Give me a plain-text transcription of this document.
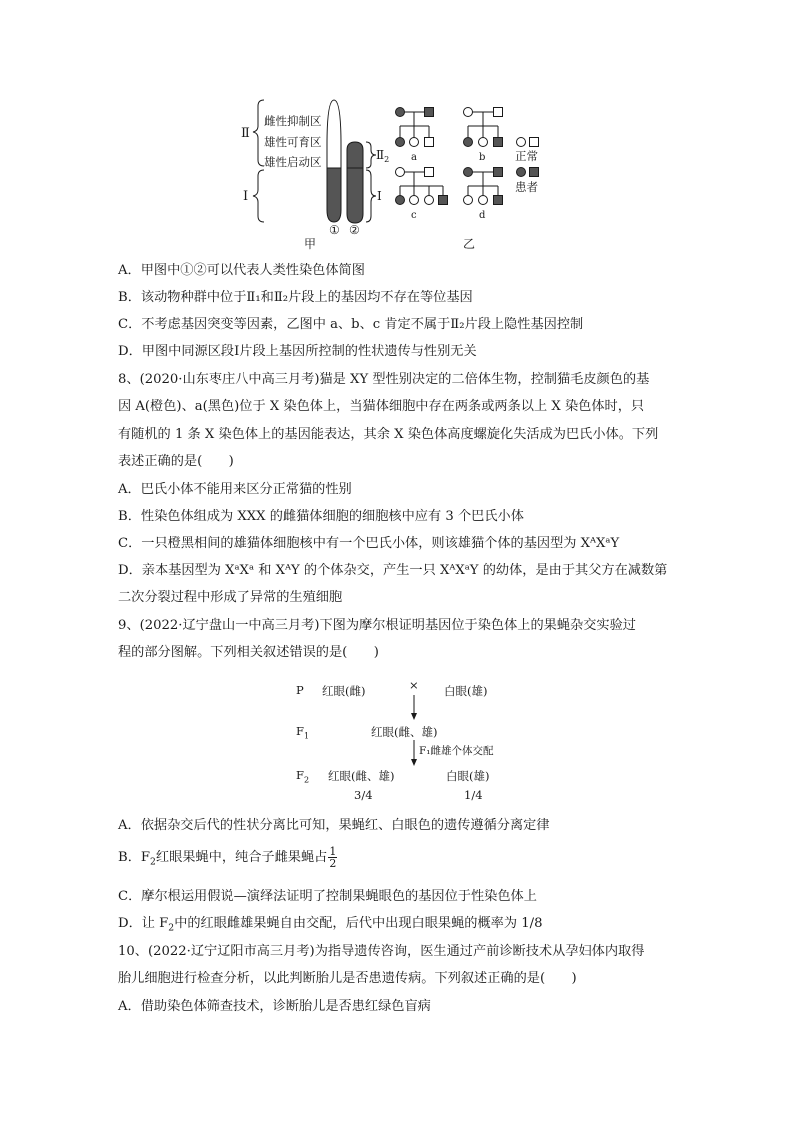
Ⅱ
Ⅰ
雌性抑制区
雄性可育区
雄性启动区
① ②
$Ⅱ_2$
Ⅰ
甲
a	b
c	d
正常
患者
乙
A．甲图中①②可以代表人类性染色体简图
B．该动物种群中位于Ⅱ₁和Ⅱ₂片段上的基因均不存在等位基因
C．不考虑基因突变等因素，乙图中 a、b、c 肯定不属于Ⅱ₂片段上隐性基因控制
D．甲图中同源区段Ⅰ片段上基因所控制的性状遗传与性别无关
8、(2020·山东枣庄八中高三月考)猫是 XY 型性别决定的二倍体生物，控制猫毛皮颜色的基
因 A(橙色)、a(黑色)位于 X 染色体上，当猫体细胞中存在两条或两条以上 X 染色体时，只
有随机的 1 条 X 染色体上的基因能表达，其余 X 染色体高度螺旋化失活成为巴氏小体。下列
表述正确的是(　　)
A．巴氏小体不能用来区分正常猫的性别
B．性染色体组成为 XXX 的雌猫体细胞的细胞核中应有 3 个巴氏小体
C．一只橙黑相间的雄猫体细胞核中有一个巴氏小体，则该雄猫个体的基因型为 XᴬXᵃY
D．亲本基因型为 XᵃXᵃ 和 XᴬY 的个体杂交，产生一只 XᴬXᵃY 的幼体，是由于其父方在减数第
二次分裂过程中形成了异常的生殖细胞
9、(2022·辽宁盘山一中高三月考)下图为摩尔根证明基因位于染色体上的果蝇杂交实验过
程的部分图解。下列相关叙述错误的是(　　)
P 红眼(雌)	× 白眼(雄)
$F_1$	红眼(雌、雄)
F₁雌雄个体交配
$F_2$ 红眼(雌、雄)
3/4
白眼(雄)
1/4
A．依据杂交后代的性状分离比可知，果蝇红、白眼色的遗传遵循分离定律
B．$F_2$红眼果蝇中，纯合子雌果蝇占 $\frac{1}{2}$
C．摩尔根运用假说—演绎法证明了控制果蝇眼色的基因位于性染色体上
D．让 $F_2$中的红眼雌雄果蝇自由交配，后代中出现白眼果蝇的概率为 1/8
10、(2022·辽宁辽阳市高三月考)为指导遗传咨询，医生通过产前诊断技术从孕妇体内取得
胎儿细胞进行检查分析，以此判断胎儿是否患遗传病。下列叙述正确的是(　　)
A．借助染色体筛查技术，诊断胎儿是否患红绿色盲病
